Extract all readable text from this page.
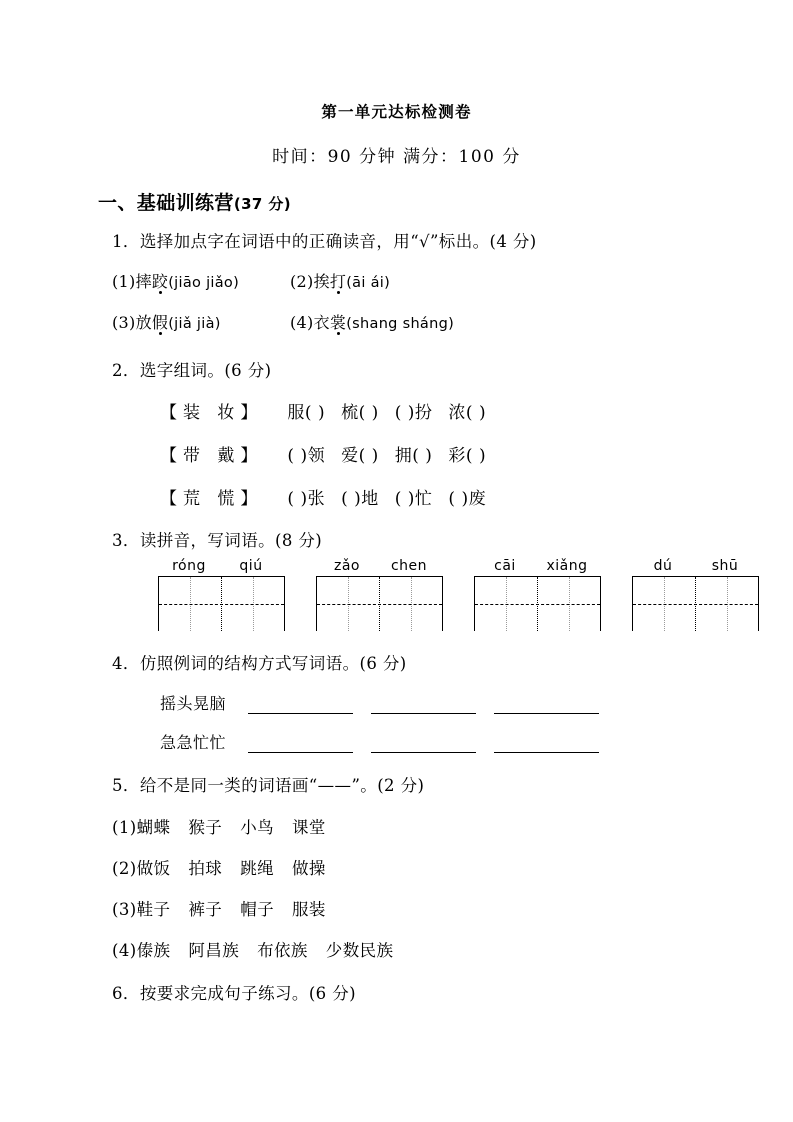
第一单元达标检测卷
时间：90 分钟 满分：100 分
一、基础训练营(37 分)
1．选择加点字在词语中的正确读音，用“√”标出。(4 分)
(1)摔跤(jiāo jiǎo)	(2)挨打(āi ái)
(3)放假(jiǎ jià)	(4)衣裳(shang sháng)
2．选字组词。(6 分)
【装 妆】 服( ) 梳( ) ( )扮 浓( )
【带 戴】 ( )领 爱( ) 拥( ) 彩( )
【荒 慌】 ( )张 ( )地 ( )忙 ( )废
3．读拼音，写词语。(8 分)
róng	qiú	zǎo	chen	cāi	xiǎng	dú	shū
4．仿照例词的结构方式写词语。(6 分)
摇头晃脑
急急忙忙
5．给不是同一类的词语画“——”。(2 分)
(1)蝴蝶 猴子 小鸟 课堂
(2)做饭 拍球 跳绳 做操
(3)鞋子 裤子 帽子 服装
(4)傣族 阿昌族 布依族 少数民族
6．按要求完成句子练习。(6 分)
